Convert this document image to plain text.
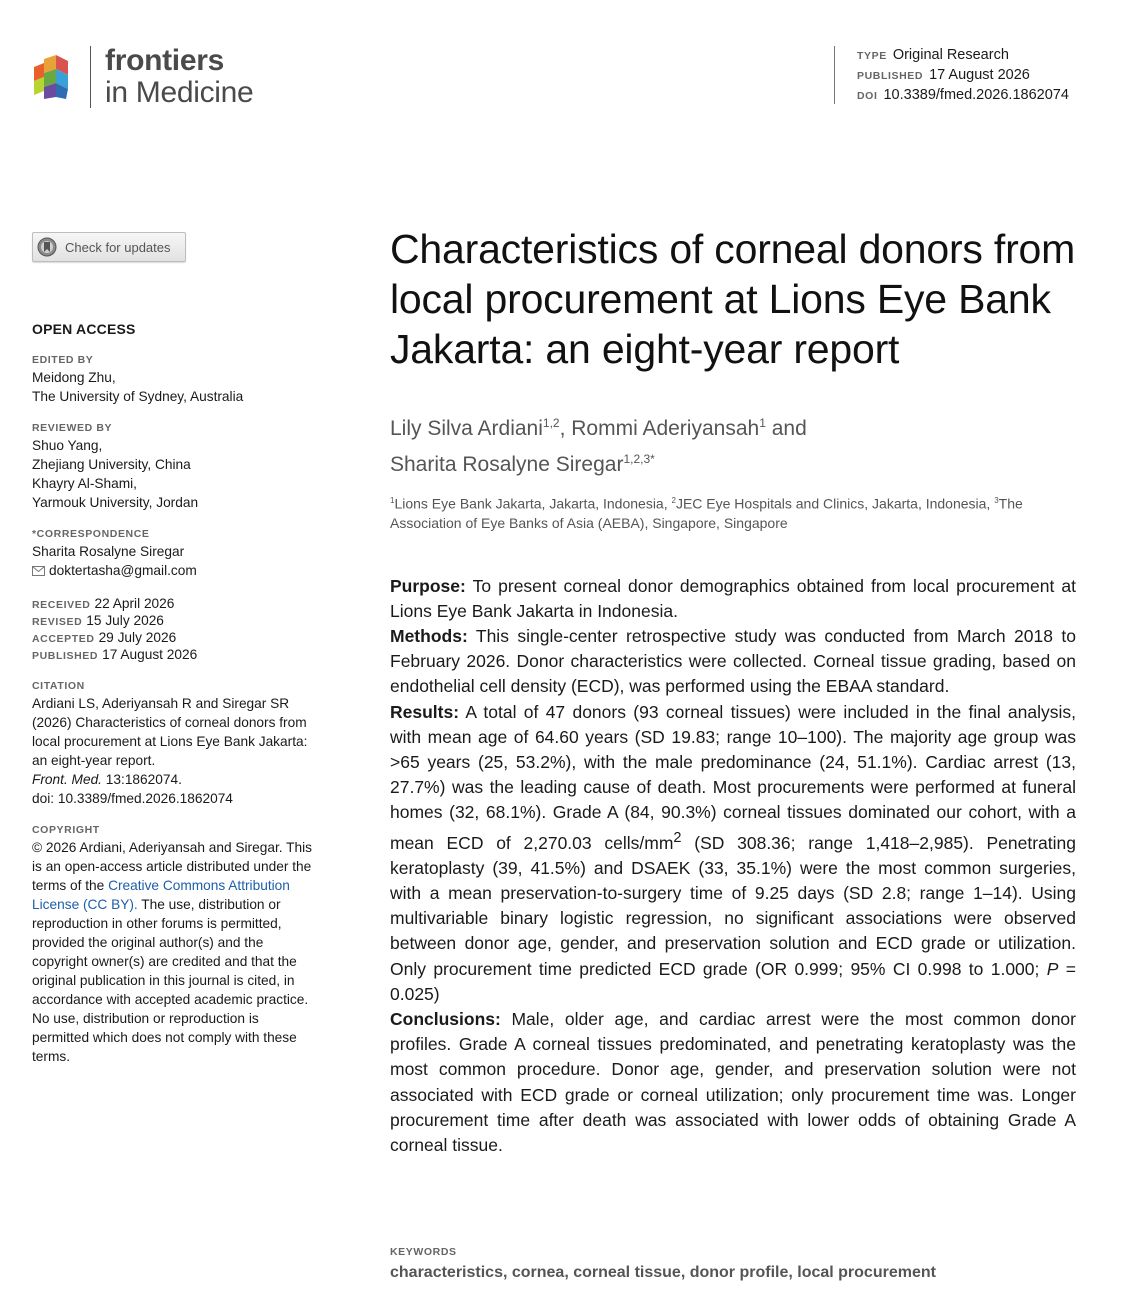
frontiers
in Medicine
TYPE Original Research
PUBLISHED 17 August 2026
DOI 10.3389/fmed.2026.1862074
Check for updates
OPEN ACCESS
EDITED BY
Meidong Zhu,
The University of Sydney, Australia
REVIEWED BY
Shuo Yang,
Zhejiang University, China
Khayry Al-Shami,
Yarmouk University, Jordan
*CORRESPONDENCE
Sharita Rosalyne Siregar
doktertasha@gmail.com
RECEIVED 22 April 2026
REVISED 15 July 2026
ACCEPTED 29 July 2026
PUBLISHED 17 August 2026
CITATION
Ardiani LS, Aderiyansah R and Siregar SR (2026) Characteristics of corneal donors from local procurement at Lions Eye Bank Jakarta: an eight-year report.
Front. Med. 13:1862074.
doi: 10.3389/fmed.2026.1862074
COPYRIGHT
© 2026 Ardiani, Aderiyansah and Siregar. This is an open-access article distributed under the terms of the Creative Commons Attribution License (CC BY). The use, distribution or reproduction in other forums is permitted, provided the original author(s) and the copyright owner(s) are credited and that the original publication in this journal is cited, in accordance with accepted academic practice. No use, distribution or reproduction is permitted which does not comply with these terms.
Characteristics of corneal donors from local procurement at Lions Eye Bank Jakarta: an eight-year report
Lily Silva Ardiani$^{1,2}$, Rommi Aderiyansah$^1$ and
Sharita Rosalyne Siregar$^{1,2,3*}$
$^1$Lions Eye Bank Jakarta, Jakarta, Indonesia, $^2$JEC Eye Hospitals and Clinics, Jakarta, Indonesia, $^3$The Association of Eye Banks of Asia (AEBA), Singapore, Singapore

Purpose: To present corneal donor demographics obtained from local procurement at Lions Eye Bank Jakarta in Indonesia.

Methods: This single-center retrospective study was conducted from March 2018 to February 2026. Donor characteristics were collected. Corneal tissue grading, based on endothelial cell density (ECD), was performed using the EBAA standard.

Results: A total of 47 donors (93 corneal tissues) were included in the final analysis, with mean age of 64.60 years (SD 19.83; range 10–100). The majority age group was >65 years (25, 53.2%), with the male predominance (24, 51.1%). Cardiac arrest (13, 27.7%) was the leading cause of death. Most procurements were performed at funeral homes (32, 68.1%). Grade A (84, 90.3%) corneal tissues dominated our cohort, with a mean ECD of 2,270.03 cells/$mm^2$ (SD 308.36; range 1,418–2,985). Penetrating keratoplasty (39, 41.5%) and DSAEK (33, 35.1%) were the most common surgeries, with a mean preservation-to-surgery time of 9.25 days (SD 2.8; range 1–14). Using multivariable binary logistic regression, no significant associations were observed between donor age, gender, and preservation solution and ECD grade or utilization. Only procurement time predicted ECD grade (OR 0.999; 95% CI 0.998 to 1.000; P = 0.025)

Conclusions: Male, older age, and cardiac arrest were the most common donor profiles. Grade A corneal tissues predominated, and penetrating keratoplasty was the most common procedure. Donor age, gender, and preservation solution were not associated with ECD grade or corneal utilization; only procurement time was. Longer procurement time after death was associated with lower odds of obtaining Grade A corneal tissue.

KEYWORDS
characteristics, cornea, corneal tissue, donor profile, local procurement
